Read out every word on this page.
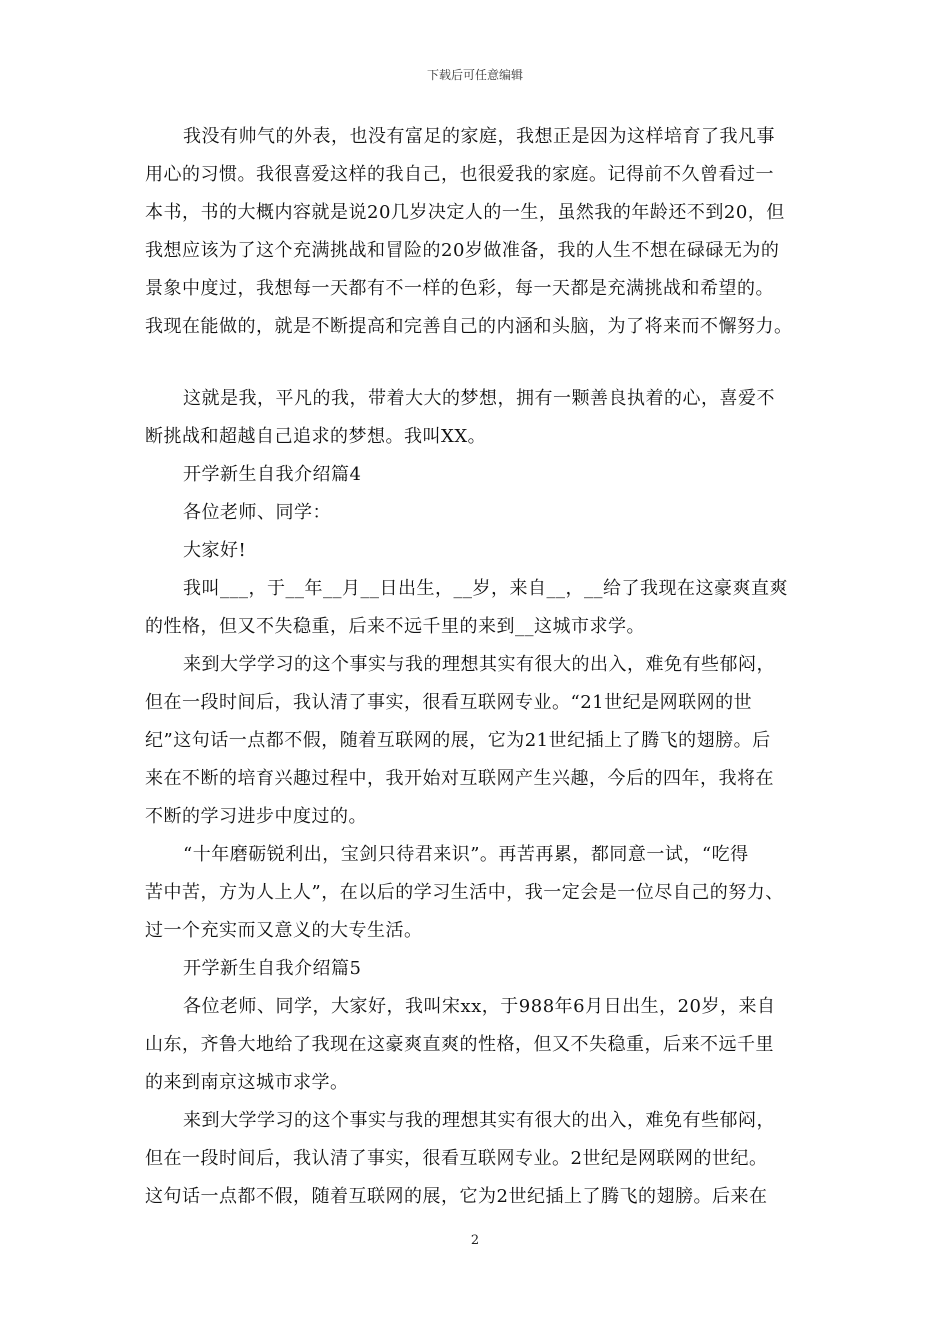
下载后可任意编辑
我没有帅气的外表，也没有富足的家庭，我想正是因为这样培育了我凡事
用心的习惯。我很喜爱这样的我自己，也很爱我的家庭。记得前不久曾看过一
本书，书的大概内容就是说20几岁决定人的一生，虽然我的年龄还不到20，但
我想应该为了这个充满挑战和冒险的20岁做准备，我的人生不想在碌碌无为的
景象中度过，我想每一天都有不一样的色彩，每一天都是充满挑战和希望的。
我现在能做的，就是不断提高和完善自己的内涵和头脑，为了将来而不懈努力。
这就是我，平凡的我，带着大大的梦想，拥有一颗善良执着的心，喜爱不
断挑战和超越自己追求的梦想。我叫XX。
开学新生自我介绍篇4
各位老师、同学：
大家好!
我叫___，于__年__月__日出生，__岁，来自__，__给了我现在这豪爽直爽
的性格，但又不失稳重，后来不远千里的来到__这城市求学。
来到大学学习的这个事实与我的理想其实有很大的出入，难免有些郁闷，
但在一段时间后，我认清了事实，很看互联网专业。“21世纪是网联网的世
纪”这句话一点都不假，随着互联网的展，它为21世纪插上了腾飞的翅膀。后
来在不断的培育兴趣过程中，我开始对互联网产生兴趣，今后的四年，我将在
不断的学习进步中度过的。
“十年磨砺锐利出，宝剑只待君来识”。再苦再累，都同意一试，“吃得
苦中苦，方为人上人”，在以后的学习生活中，我一定会是一位尽自己的努力、
过一个充实而又意义的大专生活。
开学新生自我介绍篇5
各位老师、同学，大家好，我叫宋xx，于988年6月日出生，20岁，来自
山东，齐鲁大地给了我现在这豪爽直爽的性格，但又不失稳重，后来不远千里
的来到南京这城市求学。
来到大学学习的这个事实与我的理想其实有很大的出入，难免有些郁闷，
但在一段时间后，我认清了事实，很看互联网专业。2世纪是网联网的世纪。
这句话一点都不假，随着互联网的展，它为2世纪插上了腾飞的翅膀。后来在
2
